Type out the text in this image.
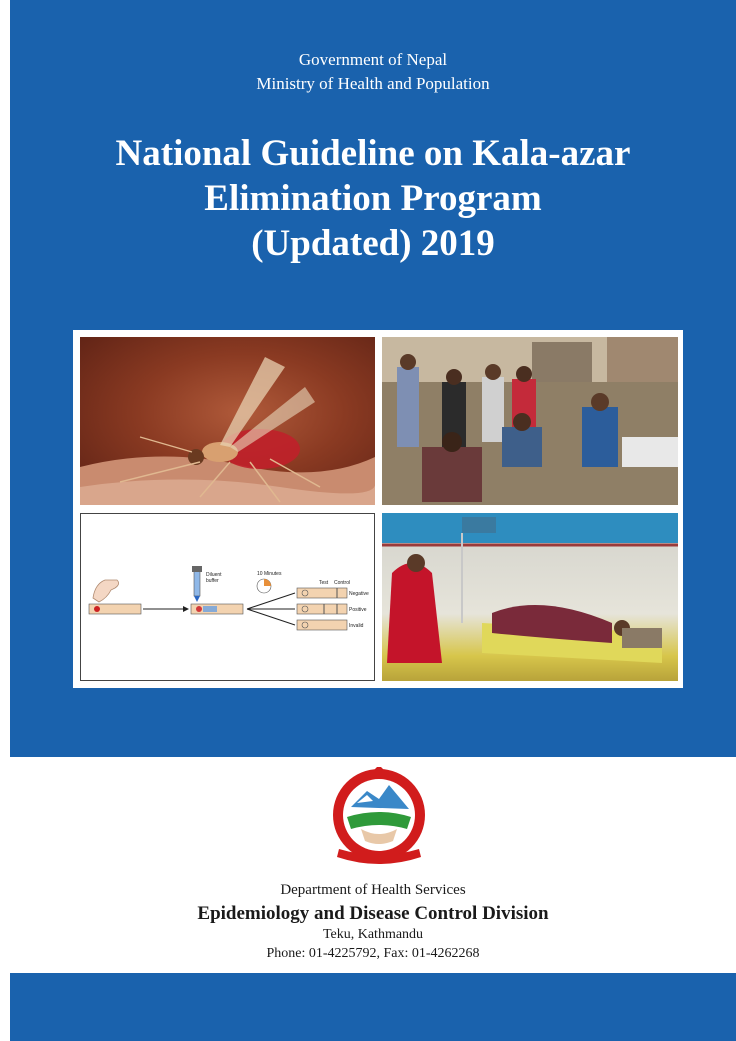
Government of Nepal
Ministry of Health and Population
National Guideline on Kala-azar
Elimination Program
(Updated) 2019
Diluent
buffer
10 Minutes
Test Control
Negative
Positive
Invalid
Department of Health Services
Epidemiology and Disease Control Division
Teku, Kathmandu
Phone: 01-4225792, Fax: 01-4262268
